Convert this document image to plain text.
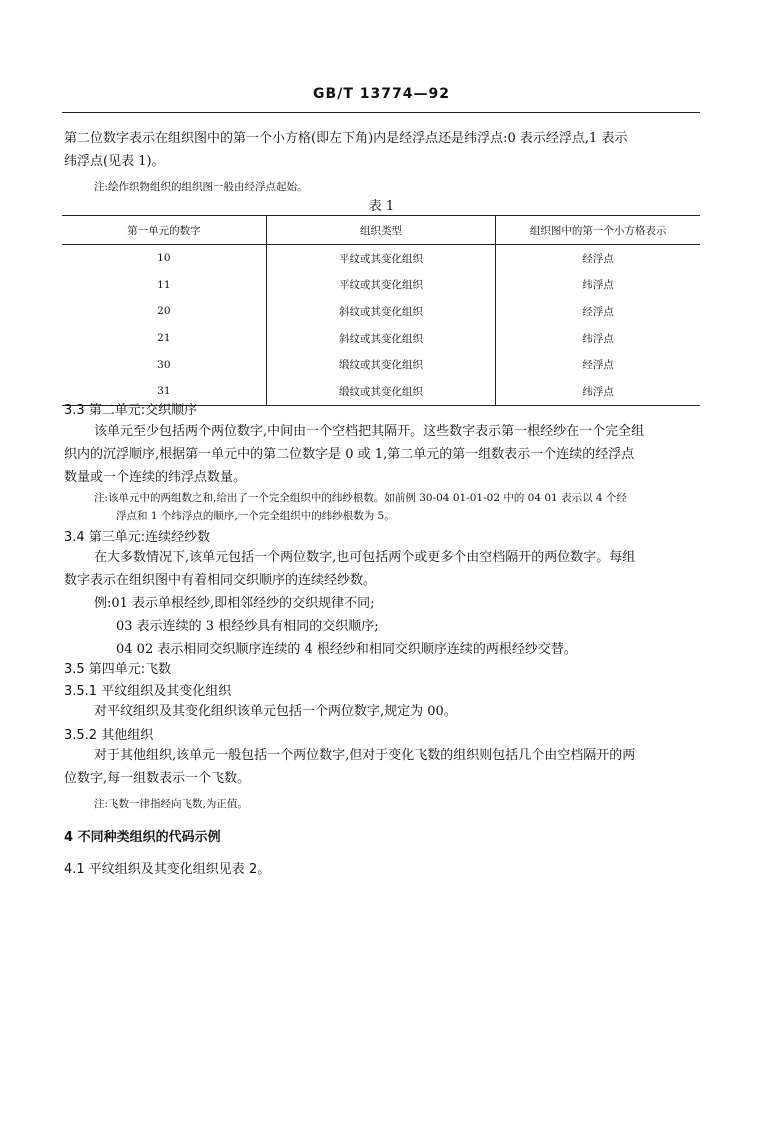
GB/T 13774—92
第二位数字表示在组织图中的第一个小方格(即左下角)内是经浮点还是纬浮点:0 表示经浮点,1 表示
纬浮点(见表 1)。
注:绘作织物组织的组织图一般由经浮点起始。
表 1
第一单元的数字	组织类型	组织图中的第一个小方格表示
10	平纹或其变化组织	经浮点
11	平纹或其变化组织	纬浮点
20	斜纹或其变化组织	经浮点
21	斜纹或其变化组织	纬浮点
30	缎纹或其变化组织	经浮点
31	缎纹或其变化组织	纬浮点
3.3 第二单元:交织顺序
该单元至少包括两个两位数字,中间由一个空档把其隔开。这些数字表示第一根经纱在一个完全组
织内的沉浮顺序,根据第一单元中的第二位数字是 0 或 1,第二单元的第一组数表示一个连续的经浮点
数量或一个连续的纬浮点数量。
注:该单元中的两组数之和,给出了一个完全组织中的纬纱根数。如前例 30-04 01-01-02 中的 04 01 表示以 4 个经
浮点和 1 个纬浮点的顺序,一个完全组织中的纬纱根数为 5。
3.4 第三单元:连续经纱数
在大多数情况下,该单元包括一个两位数字,也可包括两个或更多个由空档隔开的两位数字。每组
数字表示在组织图中有着相同交织顺序的连续经纱数。
例:01 表示单根经纱,即相邻经纱的交织规律不同;
03 表示连续的 3 根经纱具有相同的交织顺序;
04 02 表示相同交织顺序连续的 4 根经纱和相同交织顺序连续的两根经纱交替。
3.5 第四单元:飞数
3.5.1 平纹组织及其变化组织
对平纹组织及其变化组织该单元包括一个两位数字,规定为 00。
3.5.2 其他组织
对于其他组织,该单元一般包括一个两位数字,但对于变化飞数的组织则包括几个由空档隔开的两
位数字,每一组数表示一个飞数。
注:飞数一律指经向飞数,为正值。
4 不同种类组织的代码示例
4.1 平纹组织及其变化组织见表 2。
